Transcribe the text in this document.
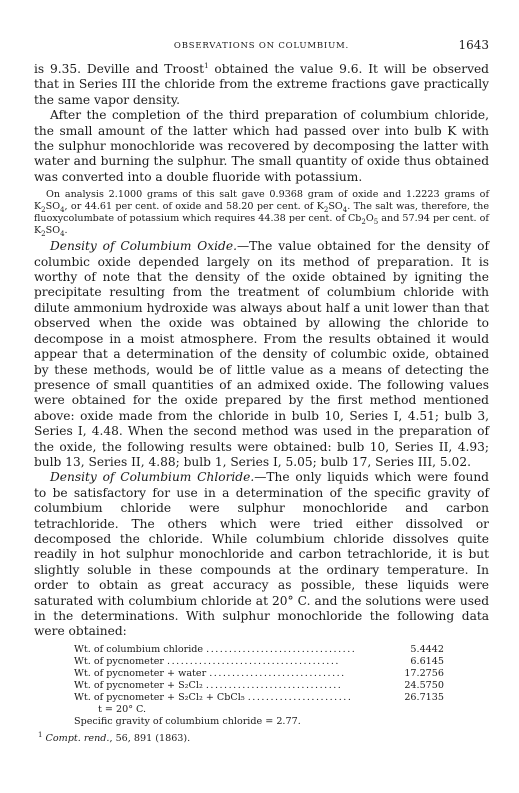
OBSERVATIONS ON COLUMBIUM.	1643

is 9.35. Deville and Troost$^1$ obtained the value 9.6. It will be observed that in Series III the chloride from the extreme fractions gave practically the same vapor density.

After the completion of the third preparation of columbium chloride, the small amount of the latter which had passed over into bulb K with the sulphur monochloride was recovered by decomposing the latter with water and burning the sulphur. The small quantity of oxide thus obtained was converted into a double fluoride with potassium.

On analysis 2.1000 grams of this salt gave 0.9368 gram of oxide and 1.2223 grams of $K_2SO_4$, or 44.61 per cent. of oxide and 58.20 per cent. of $K_2SO_4$. The salt was, therefore, the fluoxycolumbate of potassium which requires 44.38 per cent. of $Cb_2O_5$ and 57.94 per cent. of $K_2SO_4$.

Density of Columbium Oxide.—The value obtained for the density of columbic oxide depended largely on its method of preparation. It is worthy of note that the density of the oxide obtained by igniting the precipitate resulting from the treatment of columbium chloride with dilute ammonium hydroxide was always about half a unit lower than that observed when the oxide was obtained by allowing the chloride to decompose in a moist atmosphere. From the results obtained it would appear that a determination of the density of columbic oxide, obtained by these methods, would be of little value as a means of detecting the presence of small quantities of an admixed oxide. The following values were obtained for the oxide prepared by the first method mentioned above: oxide made from the chloride in bulb 10, Series I, 4.51; bulb 3, Series I, 4.48. When the second method was used in the preparation of the oxide, the following results were obtained: bulb 10, Series II, 4.93; bulb 13, Series II, 4.88; bulb 1, Series I, 5.05; bulb 17, Series III, 5.02.

Density of Columbium Chloride.—The only liquids which were found to be satisfactory for use in a determination of the specific gravity of columbium chloride were sulphur monochloride and carbon tetrachloride. The others which were tried either dissolved or decomposed the chloride. While columbium chloride dissolves quite readily in hot sulphur monochloride and carbon tetrachloride, it is but slightly soluble in these compounds at the ordinary temperature. In order to obtain as great accuracy as possible, these liquids were saturated with columbium chloride at 20° C. and the solutions were used in the determinations. With sulphur monochloride the following data were obtained:

Wt. of columbium chloride .................................	5.4442
Wt. of pycnometer ......................................	6.6145
Wt. of pycnometer + water ..............................	17.2756
Wt. of pycnometer + S₂Cl₂ ..............................	24.5750
Wt. of pycnometer + S₂Cl₂ + CbCl₅ .......................	26.7135
t = 20° C.
Specific gravity of columbium chloride = 2.77.
$^1$ Compt. rend., 56, 891 (1863).
